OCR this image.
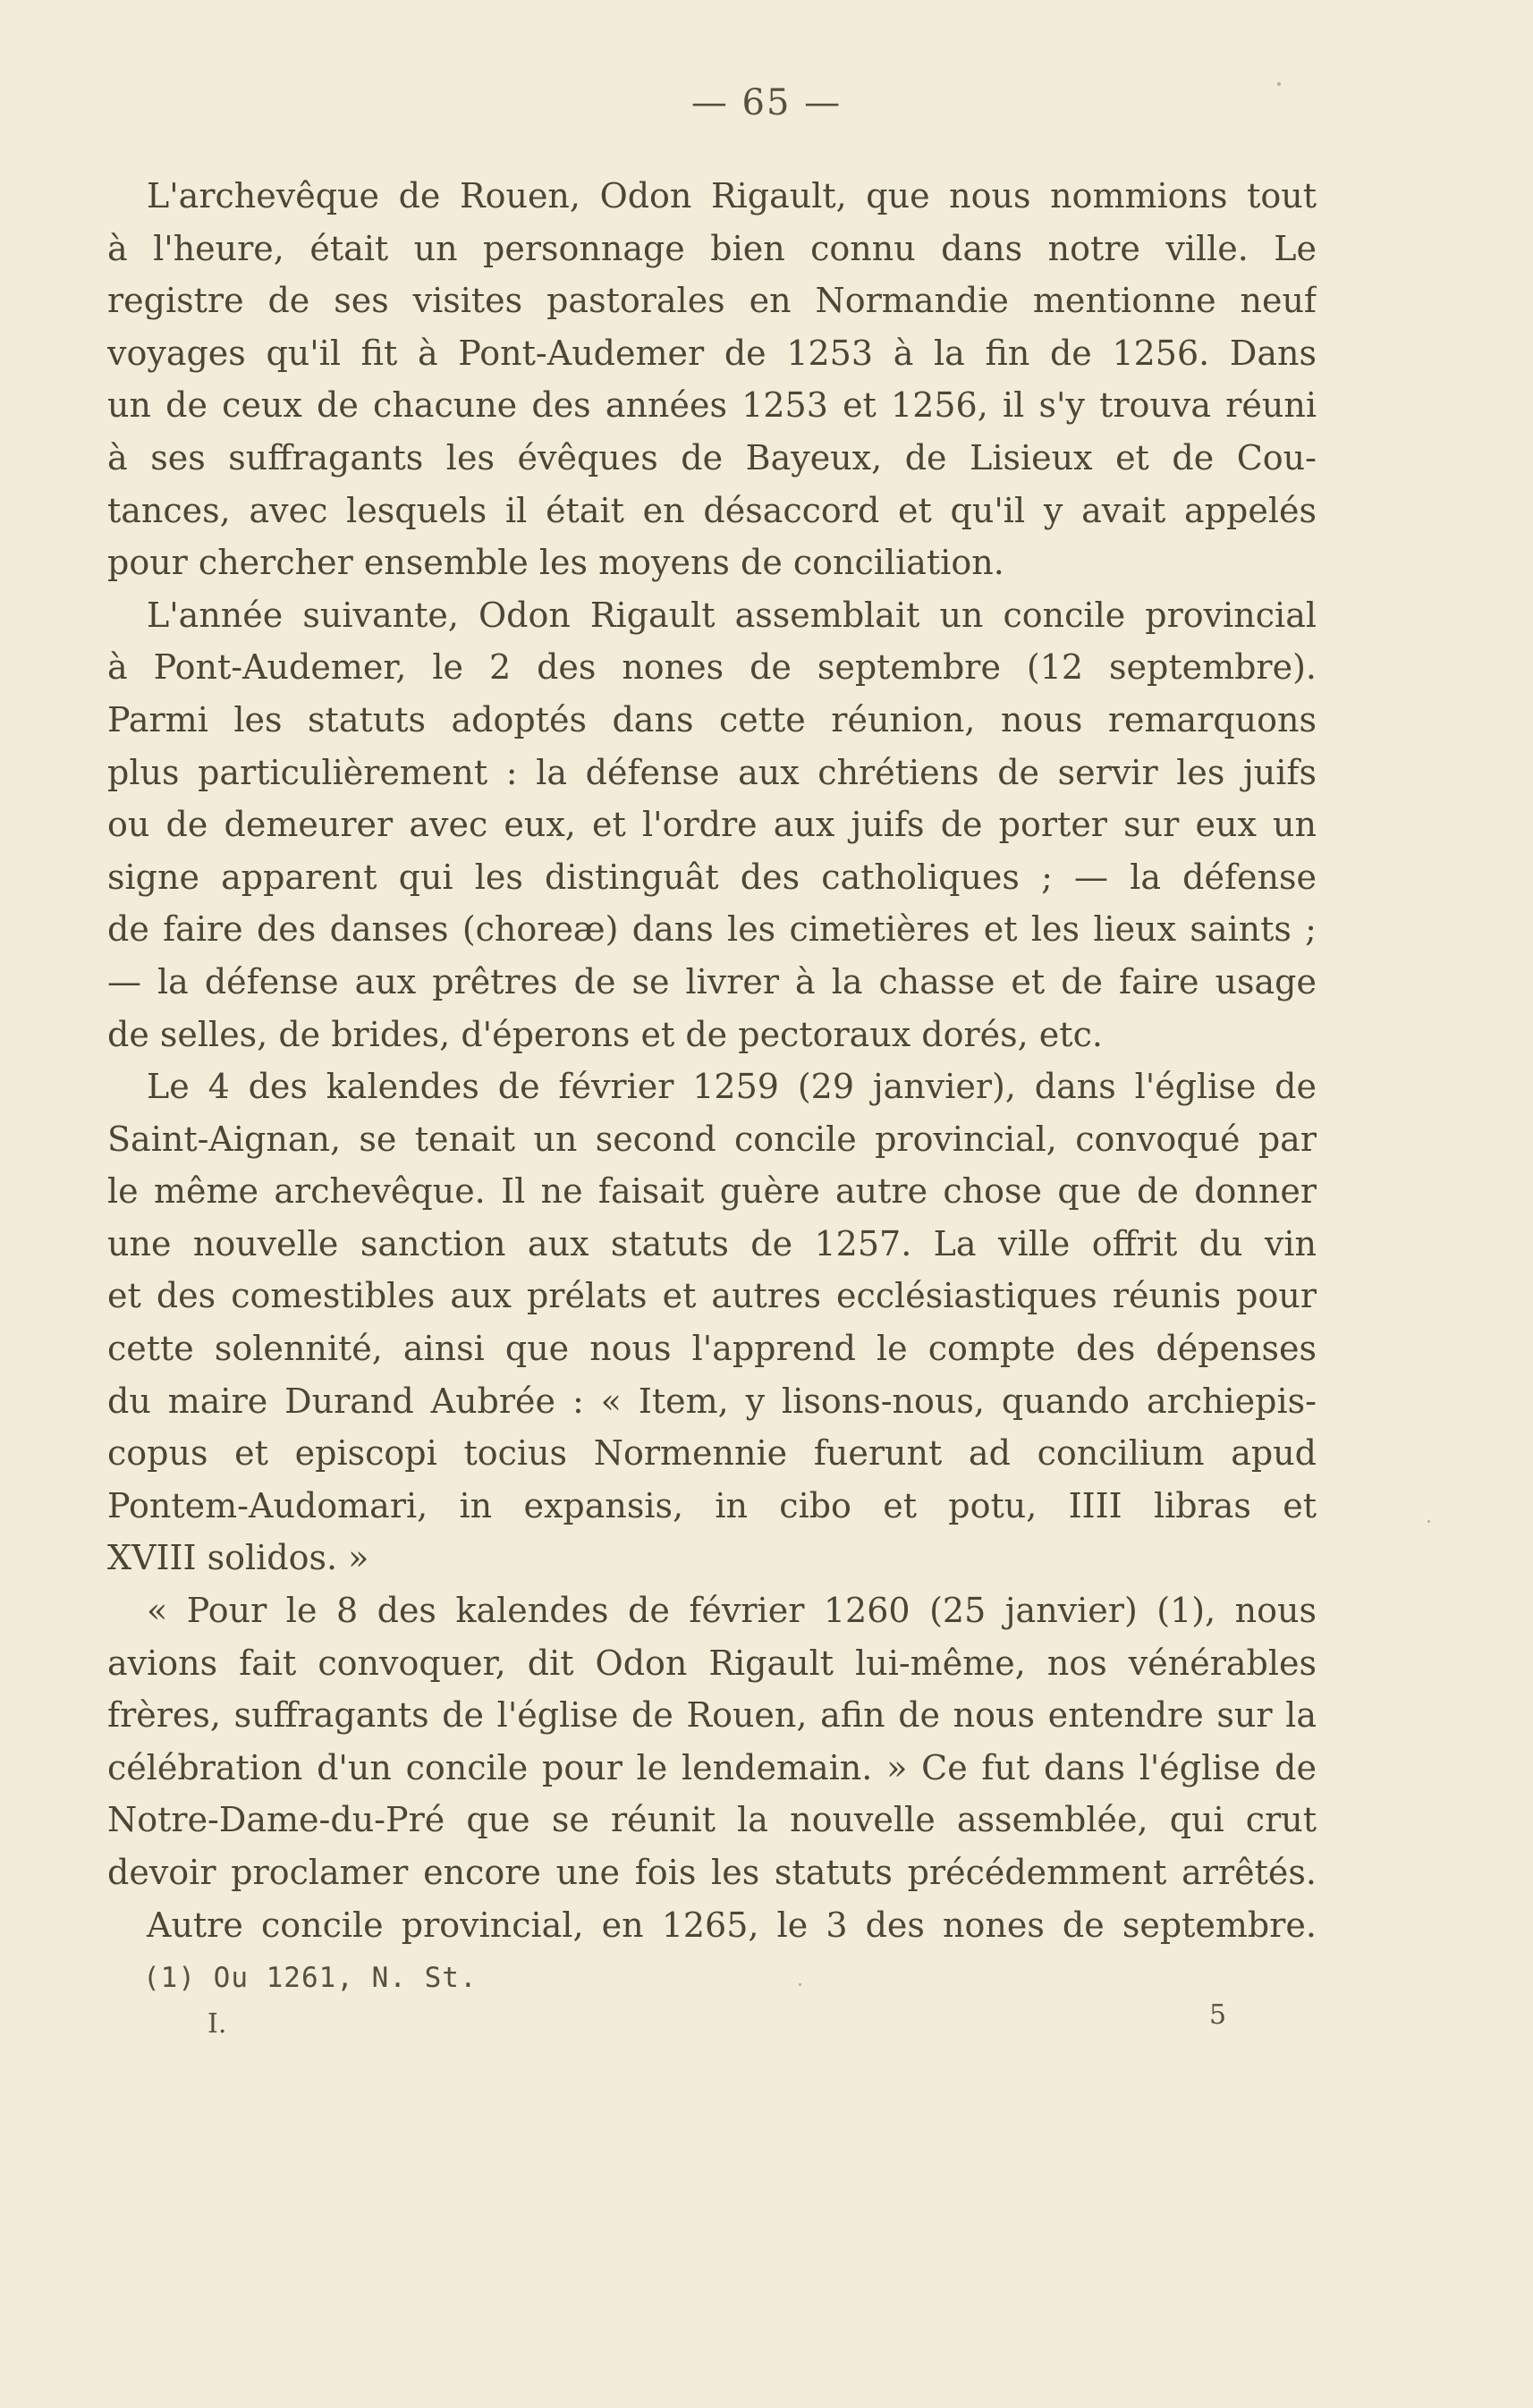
— 65 —
L'archevêque de Rouen, Odon Rigault, que nous nommions tout
à l'heure, était un personnage bien connu dans notre ville. Le
registre de ses visites pastorales en Normandie mentionne neuf
voyages qu'il fit à Pont-Audemer de 1253 à la fin de 1256. Dans
un de ceux de chacune des années 1253 et 1256, il s'y trouva réuni
à ses suffragants les évêques de Bayeux, de Lisieux et de Cou-
tances, avec lesquels il était en désaccord et qu'il y avait appelés
pour chercher ensemble les moyens de conciliation.
L'année suivante, Odon Rigault assemblait un concile provincial
à Pont-Audemer, le 2 des nones de septembre (12 septembre).
Parmi les statuts adoptés dans cette réunion, nous remarquons
plus particulièrement : la défense aux chrétiens de servir les juifs
ou de demeurer avec eux, et l'ordre aux juifs de porter sur eux un
signe apparent qui les distinguât des catholiques ; — la défense
de faire des danses (choreæ) dans les cimetières et les lieux saints ;
— la défense aux prêtres de se livrer à la chasse et de faire usage
de selles, de brides, d'éperons et de pectoraux dorés, etc.
Le 4 des kalendes de février 1259 (29 janvier), dans l'église de
Saint-Aignan, se tenait un second concile provincial, convoqué par
le même archevêque. Il ne faisait guère autre chose que de donner
une nouvelle sanction aux statuts de 1257. La ville offrit du vin
et des comestibles aux prélats et autres ecclésiastiques réunis pour
cette solennité, ainsi que nous l'apprend le compte des dépenses
du maire Durand Aubrée : « Item, y lisons-nous, quando archiepis-
copus et episcopi tocius Normennie fuerunt ad concilium apud
Pontem-Audomari, in expansis, in cibo et potu, IIII libras et
XVIII solidos. »
« Pour le 8 des kalendes de février 1260 (25 janvier) (1), nous
avions fait convoquer, dit Odon Rigault lui-même, nos vénérables
frères, suffragants de l'église de Rouen, afin de nous entendre sur la
célébration d'un concile pour le lendemain. » Ce fut dans l'église de
Notre-Dame-du-Pré que se réunit la nouvelle assemblée, qui crut
devoir proclamer encore une fois les statuts précédemment arrêtés.
Autre concile provincial, en 1265, le 3 des nones de septembre.
(1) Ou 1261, N. St.
I.	5
